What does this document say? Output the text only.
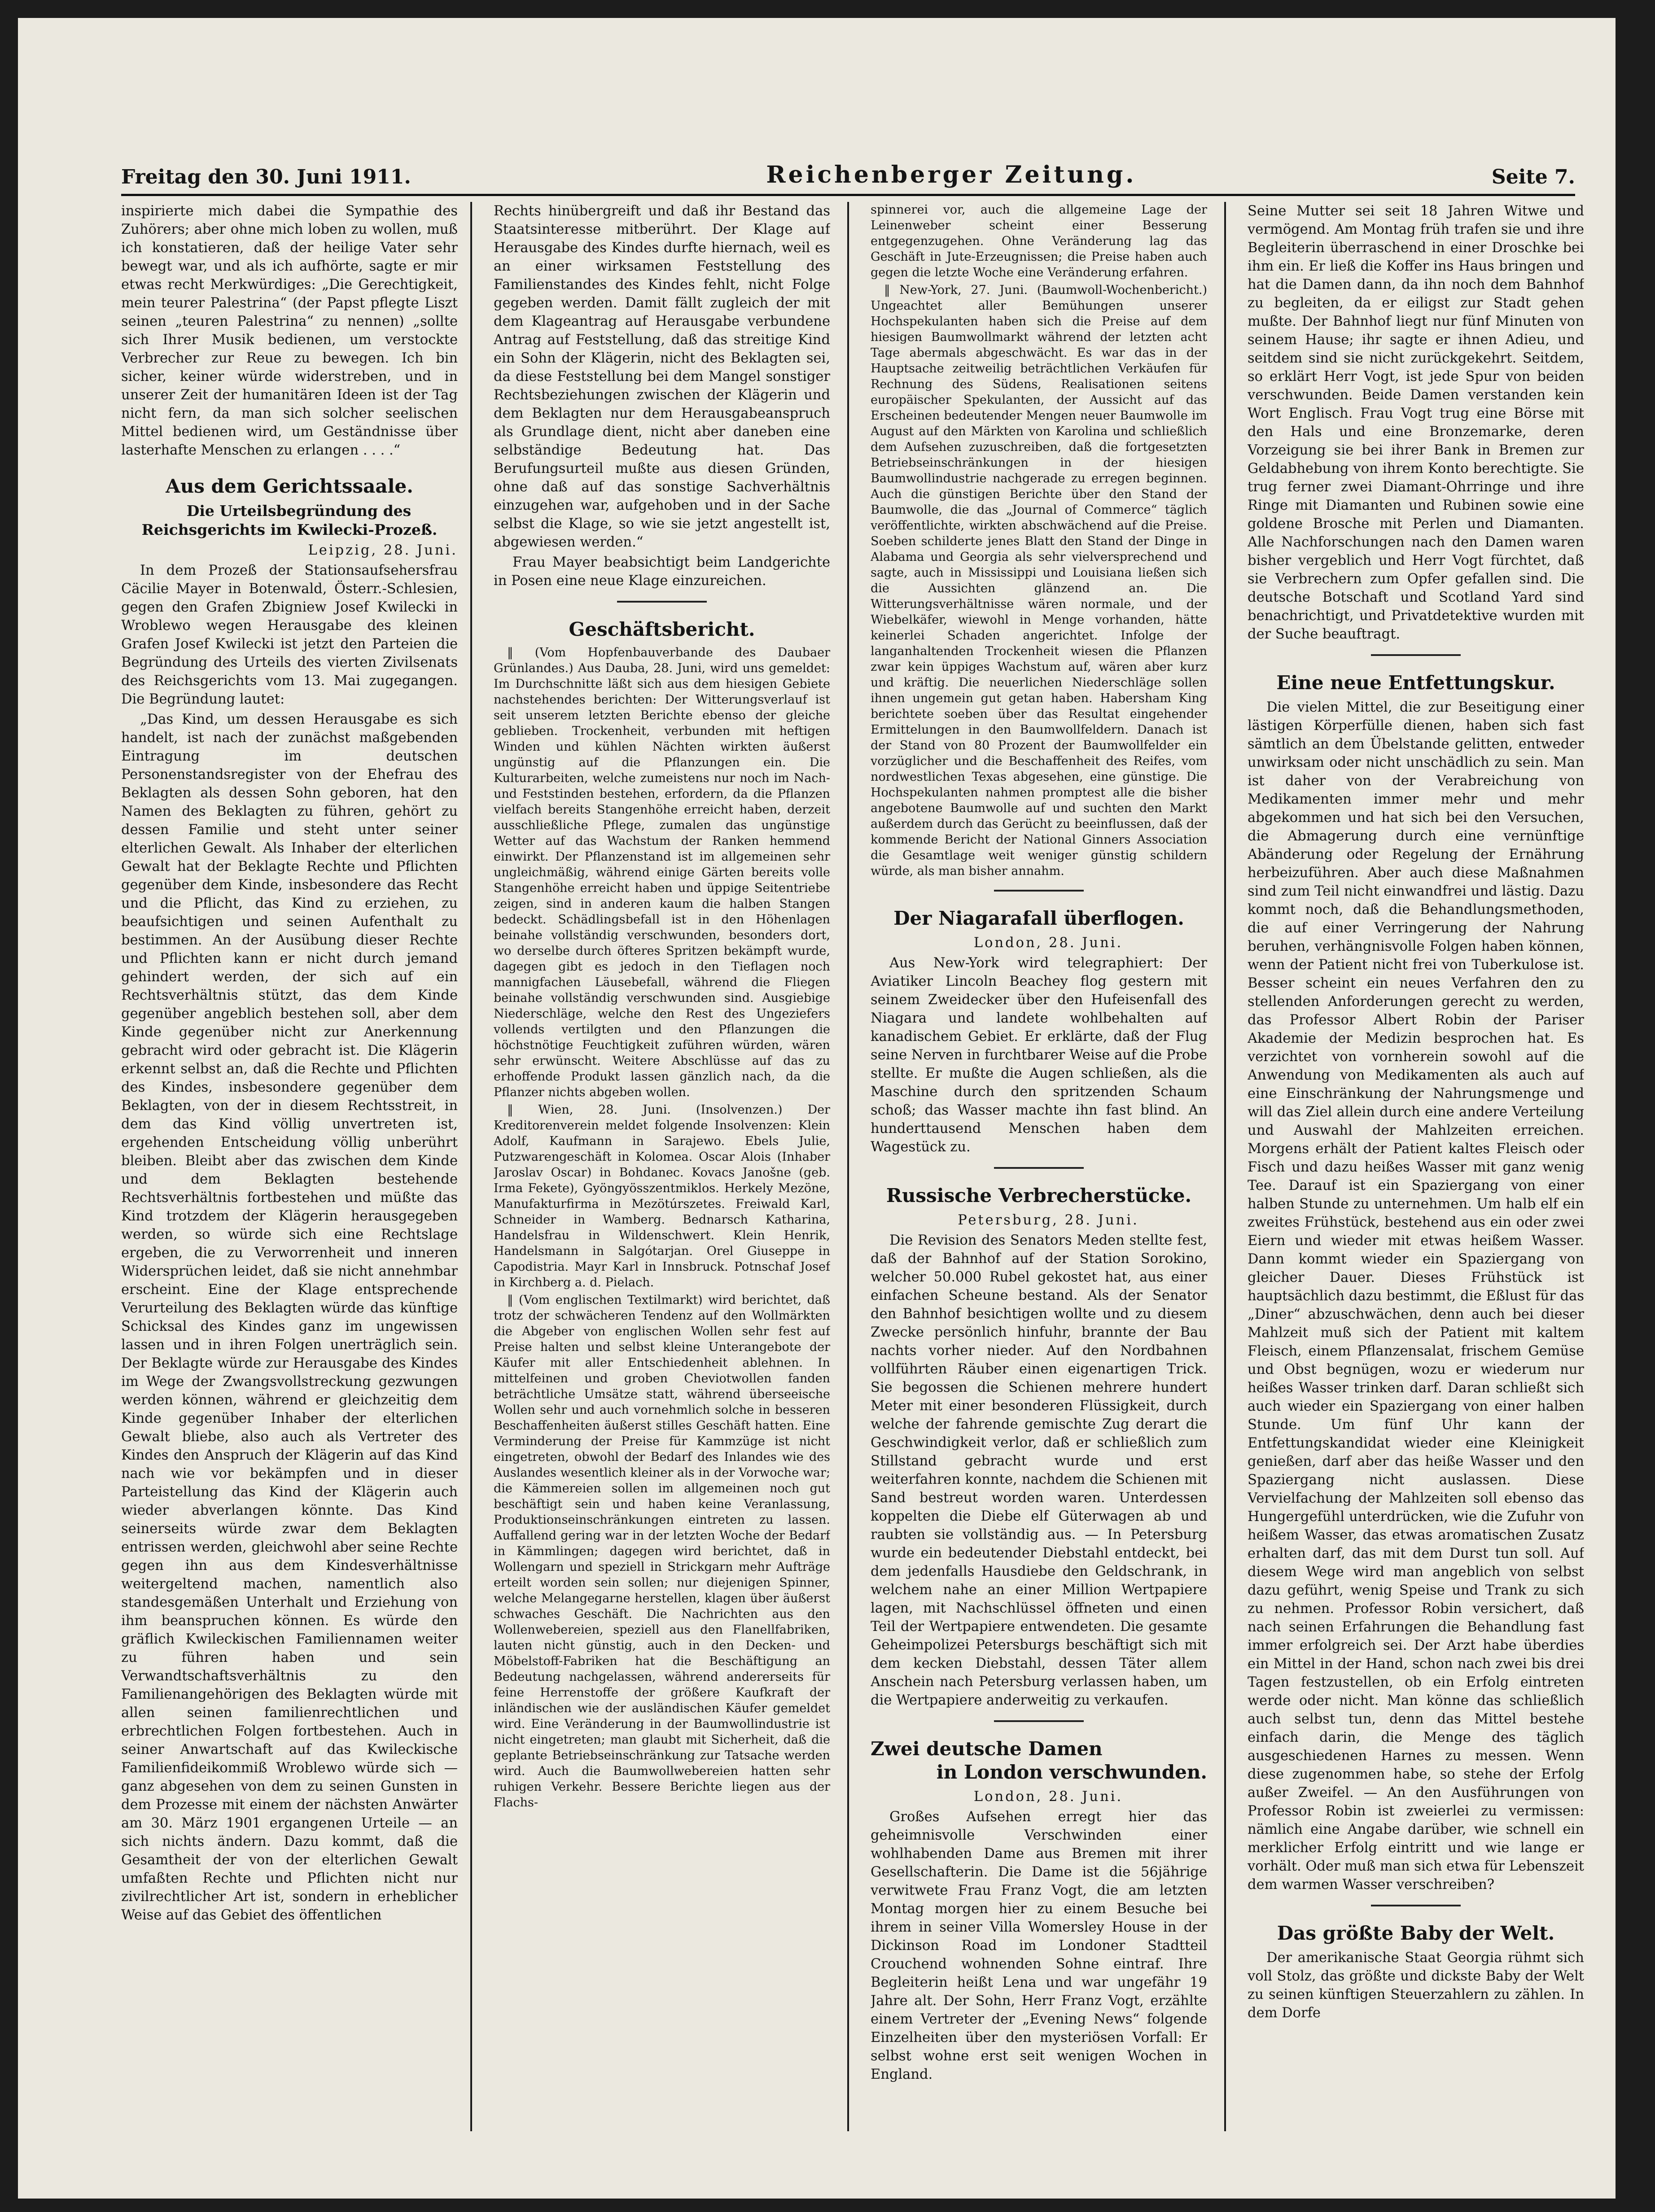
Freitag den 30. Juni 1911.	Reichenberger Zeitung.	Seite 7.

inspirierte mich dabei die Sympathie des Zuhörers; aber ohne mich loben zu wollen, muß ich konstatieren, daß der heilige Vater sehr bewegt war, und als ich aufhörte, sagte er mir etwas recht Merkwürdiges: „Die Gerechtigkeit, mein teurer Palestrina“ (der Papst pflegte Liszt seinen „teuren Palestrina“ zu nennen) „sollte sich Ihrer Musik bedienen, um verstockte Verbrecher zur Reue zu bewegen. Ich bin sicher, keiner würde widerstreben, und in unserer Zeit der humanitären Ideen ist der Tag nicht fern, da man sich solcher seelischen Mittel bedienen wird, um Geständnisse über lasterhafte Menschen zu erlangen . . . .“

Aus dem Gerichtssaale.

Die Urteilsbegründung des Reichsgerichts im Kwilecki-Prozeß.

Leipzig, 28. Juni.

In dem Prozeß der Stationsaufsehersfrau Cäcilie Mayer in Botenwald, Österr.-Schlesien, gegen den Grafen Zbigniew Josef Kwilecki in Wroblewo wegen Herausgabe des kleinen Grafen Josef Kwilecki ist jetzt den Parteien die Begründung des Urteils des vierten Zivilsenats des Reichsgerichts vom 13. Mai zugegangen. Die Begründung lautet:

„Das Kind, um dessen Herausgabe es sich handelt, ist nach der zunächst maßgebenden Eintragung im deutschen Personenstandsregister von der Ehefrau des Beklagten als dessen Sohn geboren, hat den Namen des Beklagten zu führen, gehört zu dessen Familie und steht unter seiner elterlichen Gewalt. Als Inhaber der elterlichen Gewalt hat der Beklagte Rechte und Pflichten gegenüber dem Kinde, insbesondere das Recht und die Pflicht, das Kind zu erziehen, zu beaufsichtigen und seinen Aufenthalt zu bestimmen. An der Ausübung dieser Rechte und Pflichten kann er nicht durch jemand gehindert werden, der sich auf ein Rechtsverhältnis stützt, das dem Kinde gegenüber angeblich bestehen soll, aber dem Kinde gegenüber nicht zur Anerkennung gebracht wird oder gebracht ist. Die Klägerin erkennt selbst an, daß die Rechte und Pflichten des Kindes, insbesondere gegenüber dem Beklagten, von der in diesem Rechtsstreit, in dem das Kind völlig unvertreten ist, ergehenden Entscheidung völlig unberührt bleiben. Bleibt aber das zwischen dem Kinde und dem Beklagten bestehende Rechtsverhältnis fortbestehen und müßte das Kind trotzdem der Klägerin herausgegeben werden, so würde sich eine Rechtslage ergeben, die zu Verworrenheit und inneren Widersprüchen leidet, daß sie nicht annehmbar erscheint. Eine der Klage entsprechende Verurteilung des Beklagten würde das künftige Schicksal des Kindes ganz im ungewissen lassen und in ihren Folgen unerträglich sein. Der Beklagte würde zur Herausgabe des Kindes im Wege der Zwangsvollstreckung gezwungen werden können, während er gleichzeitig dem Kinde gegenüber Inhaber der elterlichen Gewalt bliebe, also auch als Vertreter des Kindes den Anspruch der Klägerin auf das Kind nach wie vor bekämpfen und in dieser Parteistellung das Kind der Klägerin auch wieder abverlangen könnte. Das Kind seinerseits würde zwar dem Beklagten entrissen werden, gleichwohl aber seine Rechte gegen ihn aus dem Kindesverhältnisse weitergeltend machen, namentlich also standesgemäßen Unterhalt und Erziehung von ihm beanspruchen können. Es würde den gräflich Kwileckischen Familiennamen weiter zu führen haben und sein Verwandtschaftsverhältnis zu den Familienangehörigen des Beklagten würde mit allen seinen familienrechtlichen und erbrechtlichen Folgen fortbestehen. Auch in seiner Anwartschaft auf das Kwileckische Familienfideikommiß Wroblewo würde sich — ganz abgesehen von dem zu seinen Gunsten in dem Prozesse mit einem der nächsten Anwärter am 30. März 1901 ergangenen Urteile — an sich nichts ändern. Dazu kommt, daß die Gesamtheit der von der elterlichen Gewalt umfaßten Rechte und Pflichten nicht nur zivilrechtlicher Art ist, sondern in erheblicher Weise auf das Gebiet des öffentlichen

Rechts hinübergreift und daß ihr Bestand das Staatsinteresse mitberührt. Der Klage auf Herausgabe des Kindes durfte hiernach, weil es an einer wirksamen Feststellung des Familienstandes des Kindes fehlt, nicht Folge gegeben werden. Damit fällt zugleich der mit dem Klageantrag auf Herausgabe verbundene Antrag auf Feststellung, daß das streitige Kind ein Sohn der Klägerin, nicht des Beklagten sei, da diese Feststellung bei dem Mangel sonstiger Rechtsbeziehungen zwischen der Klägerin und dem Beklagten nur dem Herausgabeanspruch als Grundlage dient, nicht aber daneben eine selbständige Bedeutung hat. Das Berufungsurteil mußte aus diesen Gründen, ohne daß auf das sonstige Sachverhältnis einzugehen war, aufgehoben und in der Sache selbst die Klage, so wie sie jetzt angestellt ist, abgewiesen werden.“

Frau Mayer beabsichtigt beim Landgerichte in Posen eine neue Klage einzureichen.

Geschäftsbericht.

‖ (Vom Hopfenbauverbande des Daubaer Grünlandes.) Aus Dauba, 28. Juni, wird uns gemeldet: Im Durchschnitte läßt sich aus dem hiesigen Gebiete nachstehendes berichten: Der Witterungsverlauf ist seit unserem letzten Berichte ebenso der gleiche geblieben. Trockenheit, verbunden mit heftigen Winden und kühlen Nächten wirkten äußerst ungünstig auf die Pflanzungen ein. Die Kulturarbeiten, welche zumeistens nur noch im Nach- und Feststinden bestehen, erfordern, da die Pflanzen vielfach bereits Stangenhöhe erreicht haben, derzeit ausschließliche Pflege, zumalen das ungünstige Wetter auf das Wachstum der Ranken hemmend einwirkt. Der Pflanzenstand ist im allgemeinen sehr ungleichmäßig, während einige Gärten bereits volle Stangenhöhe erreicht haben und üppige Seitentriebe zeigen, sind in anderen kaum die halben Stangen bedeckt. Schädlingsbefall ist in den Höhenlagen beinahe vollständig verschwunden, besonders dort, wo derselbe durch öfteres Spritzen bekämpft wurde, dagegen gibt es jedoch in den Tieflagen noch mannigfachen Läusebefall, während die Fliegen beinahe vollständig verschwunden sind. Ausgiebige Niederschläge, welche den Rest des Ungeziefers vollends vertilgten und den Pflanzungen die höchstnötige Feuchtigkeit zuführen würden, wären sehr erwünscht. Weitere Abschlüsse auf das zu erhoffende Produkt lassen gänzlich nach, da die Pflanzer nichts abgeben wollen.

‖ Wien, 28. Juni. (Insolvenzen.) Der Kreditorenverein meldet folgende Insolvenzen: Klein Adolf, Kaufmann in Sarajewo. Ebels Julie, Putzwarengeschäft in Kolomea. Oscar Alois (Inhaber Jaroslav Oscar) in Bohdanec. Kovacs Janošne (geb. Irma Fekete), Gyöngyösszentmiklos. Herkely Mezöne, Manufakturfirma in Mezötúrszetes. Freiwald Karl, Schneider in Wamberg. Bednarsch Katharina, Handelsfrau in Wildenschwert. Klein Henrik, Handelsmann in Salgótarjan. Orel Giuseppe in Capodistria. Mayr Karl in Innsbruck. Potnschaf Josef in Kirchberg a. d. Pielach.

‖ (Vom englischen Textilmarkt) wird berichtet, daß trotz der schwächeren Tendenz auf den Wollmärkten die Abgeber von englischen Wollen sehr fest auf Preise halten und selbst kleine Unterangebote der Käufer mit aller Entschiedenheit ablehnen. In mittelfeinen und groben Cheviotwollen fanden beträchtliche Umsätze statt, während überseeische Wollen sehr und auch vornehmlich solche in besseren Beschaffenheiten äußerst stilles Geschäft hatten. Eine Verminderung der Preise für Kammzüge ist nicht eingetreten, obwohl der Bedarf des Inlandes wie des Auslandes wesentlich kleiner als in der Vorwoche war; die Kämmereien sollen im allgemeinen noch gut beschäftigt sein und haben keine Veranlassung, Produktionseinschränkungen eintreten zu lassen. Auffallend gering war in der letzten Woche der Bedarf in Kämmlingen; dagegen wird berichtet, daß in Wollengarn und speziell in Strickgarn mehr Aufträge erteilt worden sein sollen; nur diejenigen Spinner, welche Melangegarne herstellen, klagen über äußerst schwaches Geschäft. Die Nachrichten aus den Wollenwebereien, speziell aus den Flanellfabriken, lauten nicht günstig, auch in den Decken- und Möbelstoff-Fabriken hat die Beschäftigung an Bedeutung nachgelassen, während andererseits für feine Herrenstoffe der größere Kaufkraft der inländischen wie der ausländischen Käufer gemeldet wird. Eine Veränderung in der Baumwollindustrie ist nicht eingetreten; man glaubt mit Sicherheit, daß die geplante Betriebseinschränkung zur Tatsache werden wird. Auch die Baumwollwebereien hatten sehr ruhigen Verkehr. Bessere Berichte liegen aus der Flachs-

spinnerei vor, auch die allgemeine Lage der Leinenweber scheint einer Besserung entgegenzugehen. Ohne Veränderung lag das Geschäft in Jute-Erzeugnissen; die Preise haben auch gegen die letzte Woche eine Veränderung erfahren.

‖ New-York, 27. Juni. (Baumwoll-Wochenbericht.) Ungeachtet aller Bemühungen unserer Hochspekulanten haben sich die Preise auf dem hiesigen Baumwollmarkt während der letzten acht Tage abermals abgeschwächt. Es war das in der Hauptsache zeitweilig beträchtlichen Verkäufen für Rechnung des Südens, Realisationen seitens europäischer Spekulanten, der Aussicht auf das Erscheinen bedeutender Mengen neuer Baumwolle im August auf den Märkten von Karolina und schließlich dem Aufsehen zuzuschreiben, daß die fortgesetzten Betriebseinschränkungen in der hiesigen Baumwollindustrie nachgerade zu erregen beginnen. Auch die günstigen Berichte über den Stand der Baumwolle, die das „Journal of Commerce“ täglich veröffentlichte, wirkten abschwächend auf die Preise. Soeben schilderte jenes Blatt den Stand der Dinge in Alabama und Georgia als sehr vielversprechend und sagte, auch in Mississippi und Louisiana ließen sich die Aussichten glänzend an. Die Witterungsverhältnisse wären normale, und der Wiebelkäfer, wiewohl in Menge vorhanden, hätte keinerlei Schaden angerichtet. Infolge der langanhaltenden Trockenheit wiesen die Pflanzen zwar kein üppiges Wachstum auf, wären aber kurz und kräftig. Die neuerlichen Niederschläge sollen ihnen ungemein gut getan haben. Habersham King berichtete soeben über das Resultat eingehender Ermittelungen in den Baumwollfeldern. Danach ist der Stand von 80 Prozent der Baumwollfelder ein vorzüglicher und die Beschaffenheit des Reifes, vom nordwestlichen Texas abgesehen, eine günstige. Die Hochspekulanten nahmen promptest alle die bisher angebotene Baumwolle auf und suchten den Markt außerdem durch das Gerücht zu beeinflussen, daß der kommende Bericht der National Ginners Association die Gesamtlage weit weniger günstig schildern würde, als man bisher annahm.

Der Niagarafall überflogen.

London, 28. Juni.

Aus New-York wird telegraphiert: Der Aviatiker Lincoln Beachey flog gestern mit seinem Zweidecker über den Hufeisenfall des Niagara und landete wohlbehalten auf kanadischem Gebiet. Er erklärte, daß der Flug seine Nerven in furchtbarer Weise auf die Probe stellte. Er mußte die Augen schließen, als die Maschine durch den spritzenden Schaum schoß; das Wasser machte ihn fast blind. An hunderttausend Menschen haben dem Wagestück zu.

Russische Verbrecherstücke.

Petersburg, 28. Juni.

Die Revision des Senators Meden stellte fest, daß der Bahnhof auf der Station Sorokino, welcher 50.000 Rubel gekostet hat, aus einer einfachen Scheune bestand. Als der Senator den Bahnhof besichtigen wollte und zu diesem Zwecke persönlich hinfuhr, brannte der Bau nachts vorher nieder. Auf den Nordbahnen vollführten Räuber einen eigenartigen Trick. Sie begossen die Schienen mehrere hundert Meter mit einer besonderen Flüssigkeit, durch welche der fahrende gemischte Zug derart die Geschwindigkeit verlor, daß er schließlich zum Stillstand gebracht wurde und erst weiterfahren konnte, nachdem die Schienen mit Sand bestreut worden waren. Unterdessen koppelten die Diebe elf Güterwagen ab und raubten sie vollständig aus. — In Petersburg wurde ein bedeutender Diebstahl entdeckt, bei dem jedenfalls Hausdiebe den Geldschrank, in welchem nahe an einer Million Wertpapiere lagen, mit Nachschlüssel öffneten und einen Teil der Wertpapiere entwendeten. Die gesamte Geheimpolizei Petersburgs beschäftigt sich mit dem kecken Diebstahl, dessen Täter allem Anschein nach Petersburg verlassen haben, um die Wertpapiere anderweitig zu verkaufen.

Zwei deutsche Damen
in London verschwunden.

London, 28. Juni.

Großes Aufsehen erregt hier das geheimnisvolle Verschwinden einer wohlhabenden Dame aus Bremen mit ihrer Gesellschafterin. Die Dame ist die 56jährige verwitwete Frau Franz Vogt, die am letzten Montag morgen hier zu einem Besuche bei ihrem in seiner Villa Womersley House in der Dickinson Road im Londoner Stadtteil Crouchend wohnenden Sohne eintraf. Ihre Begleiterin heißt Lena und war ungefähr 19 Jahre alt. Der Sohn, Herr Franz Vogt, erzählte einem Vertreter der „Evening News“ folgende Einzelheiten über den mysteriösen Vorfall: Er selbst wohne erst seit wenigen Wochen in England.

Seine Mutter sei seit 18 Jahren Witwe und vermögend. Am Montag früh trafen sie und ihre Begleiterin überraschend in einer Droschke bei ihm ein. Er ließ die Koffer ins Haus bringen und hat die Damen dann, da ihn noch dem Bahnhof zu begleiten, da er eiligst zur Stadt gehen mußte. Der Bahnhof liegt nur fünf Minuten von seinem Hause; ihr sagte er ihnen Adieu, und seitdem sind sie nicht zurückgekehrt. Seitdem, so erklärt Herr Vogt, ist jede Spur von beiden verschwunden. Beide Damen verstanden kein Wort Englisch. Frau Vogt trug eine Börse mit den Hals und eine Bronzemarke, deren Vorzeigung sie bei ihrer Bank in Bremen zur Geldabhebung von ihrem Konto berechtigte. Sie trug ferner zwei Diamant-Ohrringe und ihre Ringe mit Diamanten und Rubinen sowie eine goldene Brosche mit Perlen und Diamanten. Alle Nachforschungen nach den Damen waren bisher vergeblich und Herr Vogt fürchtet, daß sie Verbrechern zum Opfer gefallen sind. Die deutsche Botschaft und Scotland Yard sind benachrichtigt, und Privatdetektive wurden mit der Suche beauftragt.

Eine neue Entfettungskur.

Die vielen Mittel, die zur Beseitigung einer lästigen Körperfülle dienen, haben sich fast sämtlich an dem Übelstande gelitten, entweder unwirksam oder nicht unschädlich zu sein. Man ist daher von der Verabreichung von Medikamenten immer mehr und mehr abgekommen und hat sich bei den Versuchen, die Abmagerung durch eine vernünftige Abänderung oder Regelung der Ernährung herbeizuführen. Aber auch diese Maßnahmen sind zum Teil nicht einwandfrei und lästig. Dazu kommt noch, daß die Behandlungsmethoden, die auf einer Verringerung der Nahrung beruhen, verhängnisvolle Folgen haben können, wenn der Patient nicht frei von Tuberkulose ist. Besser scheint ein neues Verfahren den zu stellenden Anforderungen gerecht zu werden, das Professor Albert Robin der Pariser Akademie der Medizin besprochen hat. Es verzichtet von vornherein sowohl auf die Anwendung von Medikamenten als auch auf eine Einschränkung der Nahrungsmenge und will das Ziel allein durch eine andere Verteilung und Auswahl der Mahlzeiten erreichen. Morgens erhält der Patient kaltes Fleisch oder Fisch und dazu heißes Wasser mit ganz wenig Tee. Darauf ist ein Spaziergang von einer halben Stunde zu unternehmen. Um halb elf ein zweites Frühstück, bestehend aus ein oder zwei Eiern und wieder mit etwas heißem Wasser. Dann kommt wieder ein Spaziergang von gleicher Dauer. Dieses Frühstück ist hauptsächlich dazu bestimmt, die Eßlust für das „Diner“ abzuschwächen, denn auch bei dieser Mahlzeit muß sich der Patient mit kaltem Fleisch, einem Pflanzensalat, frischem Gemüse und Obst begnügen, wozu er wiederum nur heißes Wasser trinken darf. Daran schließt sich auch wieder ein Spaziergang von einer halben Stunde. Um fünf Uhr kann der Entfettungskandidat wieder eine Kleinigkeit genießen, darf aber das heiße Wasser und den Spaziergang nicht auslassen. Diese Vervielfachung der Mahlzeiten soll ebenso das Hungergefühl unterdrücken, wie die Zufuhr von heißem Wasser, das etwas aromatischen Zusatz erhalten darf, das mit dem Durst tun soll. Auf diesem Wege wird man angeblich von selbst dazu geführt, wenig Speise und Trank zu sich zu nehmen. Professor Robin versichert, daß nach seinen Erfahrungen die Behandlung fast immer erfolgreich sei. Der Arzt habe überdies ein Mittel in der Hand, schon nach zwei bis drei Tagen festzustellen, ob ein Erfolg eintreten werde oder nicht. Man könne das schließlich auch selbst tun, denn das Mittel bestehe einfach darin, die Menge des täglich ausgeschiedenen Harnes zu messen. Wenn diese zugenommen habe, so stehe der Erfolg außer Zweifel. — An den Ausführungen von Professor Robin ist zweierlei zu vermissen: nämlich eine Angabe darüber, wie schnell ein merklicher Erfolg eintritt und wie lange er vorhält. Oder muß man sich etwa für Lebenszeit dem warmen Wasser verschreiben?

Das größte Baby der Welt.

Der amerikanische Staat Georgia rühmt sich voll Stolz, das größte und dickste Baby der Welt zu seinen künftigen Steuerzahlern zu zählen. In dem Dorfe
